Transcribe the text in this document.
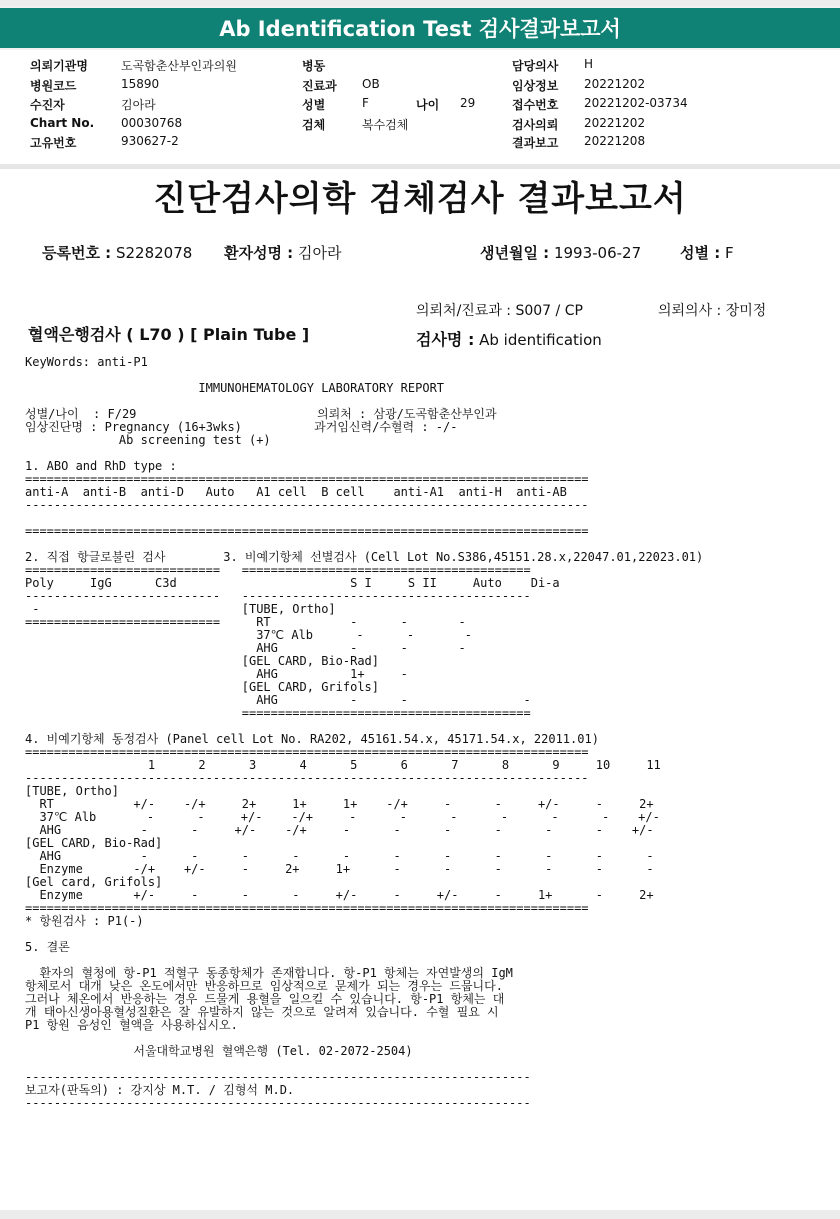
Ab Identification Test 검사결과보고서
의뢰기관명	도곡함춘산부인과의원
병원코드	15890
수진자	김아라
Chart No. 00030768
고유번호	930627-2
병동
진료과 OB
성별	F	나이 29
검체	복수검체
담당의사 H
임상정보 20221202
접수번호 20221202-03734
검사의뢰 20221202
결과보고 20221208
진단검사의학 검체검사 결과보고서
등록번호 : S2282078 환자성명 : 김아라	생년월일 : 1993-06-27	성별 : F
의뢰처/진료과 : S007 / CP	의뢰의사 : 장미정
혈액은행검사 ( L70 ) [ Plain Tube ]	검사명 : Ab identification
KeyWords: anti-P1

IMMUNOHEMATOLOGY LABORATORY REPORT

성별/나이  : F/29                         의뢰처 : 삼광/도곡함춘산부인과
임상진단명 : Pregnancy (16+3wks)          과거임신력/수혈력 : -/-
Ab screening test (+)

1. ABO and RhD type :
==============================================================================
anti-A  anti-B  anti-D   Auto   A1 cell  B cell    anti-A1  anti-H  anti-AB
------------------------------------------------------------------------------

==============================================================================

2. 직접 항글로불린 검사        3. 비예기항체 선별검사 (Cell Lot No.S386,45151.28.x,22047.01,22023.01)
===========================   ========================================
Poly     IgG      C3d                        S I     S II     Auto    Di-a
---------------------------   ----------------------------------------
-                            [TUBE, Ortho]
===========================     RT           -      -       -
37℃ Alb      -      -       -
AHG          -      -       -
[GEL CARD, Bio-Rad]
AHG          1+     -
[GEL CARD, Grifols]
AHG          -      -                -
========================================

4. 비예기항체 동정검사 (Panel cell Lot No. RA202, 45161.54.x, 45171.54.x, 22011.01)
==============================================================================
1      2      3      4      5      6      7      8      9     10     11
------------------------------------------------------------------------------
[TUBE, Ortho]
RT           +/-    -/+     2+     1+     1+    -/+     -      -     +/-     -     2+
37℃ Alb       -      -     +/-    -/+     -      -      -      -      -      -    +/-
AHG           -      -     +/-    -/+     -      -      -      -      -      -    +/-
[GEL CARD, Bio-Rad]
AHG           -      -      -      -      -      -      -      -      -      -      -
Enzyme       -/+    +/-     -     2+     1+      -      -      -      -      -      -
[Gel card, Grifols]
Enzyme       +/-     -      -      -     +/-     -     +/-     -     1+      -     2+
==============================================================================
* 항원검사 : P1(-)

5. 결론

환자의 혈청에 항-P1 적혈구 동종항체가 존재합니다. 항-P1 항체는 자연발생의 IgM
항체로서 대개 낮은 온도에서만 반응하므로 임상적으로 문제가 되는 경우는 드뭅니다.
그러나 체온에서 반응하는 경우 드물게 용혈을 일으킬 수 있습니다. 항-P1 항체는 대
개 태아신생아용혈성질환은 잘 유발하지 않는 것으로 알려져 있습니다. 수혈 필요 시
P1 항원 음성인 혈액을 사용하십시오.

서울대학교병원 혈액은행 (Tel. 02-2072-2504)

----------------------------------------------------------------------
보고자(판독의) : 강지상 M.T. / 김형석 M.D.
----------------------------------------------------------------------
